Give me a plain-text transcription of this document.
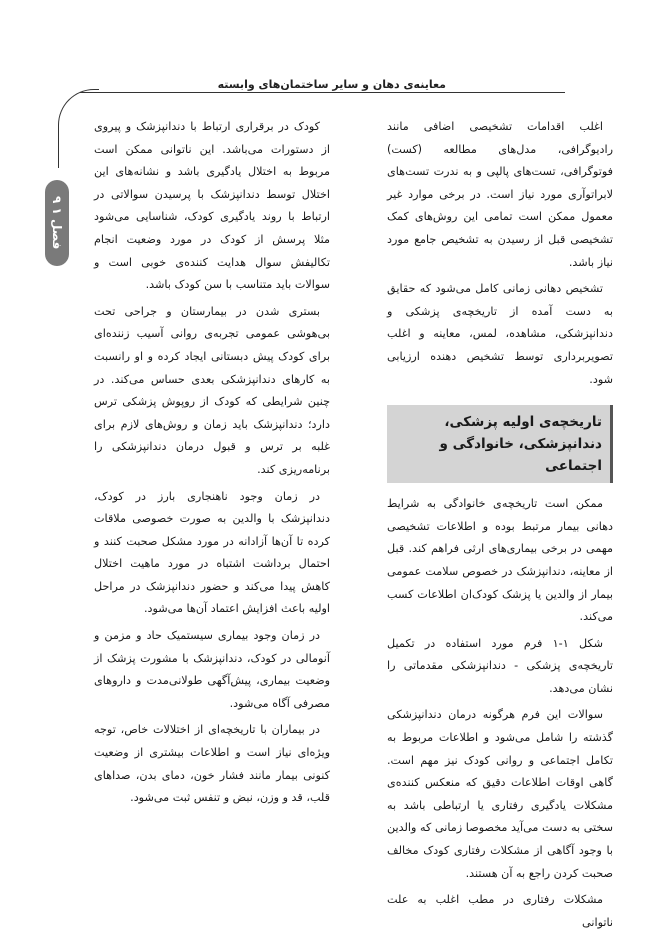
معاینه‌ی دهان و سایر ساختمان‌های وابسته
فصل ۱ ۹

اغلب اقدامات تشخیصی اضافی مانند رادیوگرافی، مدل‌های مطالعه (کست) فوتوگرافی، تست‌های پالپی و به ندرت تست‌های لابراتوآری مورد نیاز است. در برخی موارد غیر معمول ممکن است تمامی این روش‌های کمک تشخیصی قبل از رسیدن به تشخیص جامع مورد نیاز باشد.

تشخیص دهانی زمانی کامل می‌شود که حقایق به دست آمده از تاریخچه‌ی پزشکی و دندانپزشکی، مشاهده، لمس، معاینه و اغلب تصویربرداری توسط تشخیص دهنده ارزیابی شود.

تاریخچه‌ی اولیه پزشکی، دندانپزشکی، خانوادگی و اجتماعی

ممکن است تاریخچه‌ی خانوادگی به شرایط دهانی بیمار مرتبط بوده و اطلاعات تشخیصی مهمی در برخی بیماری‌های ارثی فراهم کند. قبل از معاینه، دندانپزشک در خصوص سلامت عمومی بیمار از والدین یا پزشک کودک‌ان اطلاعات کسب می‌کند.

شکل ۱-۱ فرم مورد استفاده در تکمیل تاریخچه‌ی پزشکی - دندانپزشکی مقدماتی را نشان می‌دهد.

سوالات این فرم هرگونه درمان دندانپزشکی گذشته را شامل می‌شود و اطلاعات مربوط به تکامل اجتماعی و روانی کودک نیز مهم است. گاهی اوقات اطلاعات دقیق که منعکس کننده‌ی مشکلات یادگیری رفتاری یا ارتباطی باشد به سختی به دست می‌آید مخصوصا زمانی که والدین با وجود آگاهی از مشکلات رفتاری کودک مخالف صحبت کردن راجع به آن هستند.

مشکلات رفتاری در مطب اغلب به علت ناتوانی

کودک در برقراری ارتباط با دندانپزشک و پیروی از دستورات می‌باشد. این ناتوانی ممکن است مربوط به اختلال یادگیری باشد و نشانه‌های این اختلال توسط دندانپزشک با پرسیدن سوالاتی در ارتباط با روند یادگیری کودک، شناسایی می‌شود مثلا پرسش از کودک در مورد وضعیت انجام تکالیفش سوال هدایت کننده‌ی خوبی است و سوالات باید متناسب با سن کودک باشد.

بستری شدن در بیمارستان و جراحی تحت بی‌هوشی عمومی تجربه‌ی روانی آسیب زننده‌ای برای کودک پیش دبستانی ایجاد کرده و او رانسبت به کارهای دندانپزشکی بعدی حساس می‌کند. در چنین شرایطی که کودک از روپوش پزشکی ترس دارد؛ دندانپزشک باید زمان و روش‌های لازم برای غلبه بر ترس و قبول درمان دندانپزشکی را برنامه‌ریزی کند.

در زمان وجود ناهنجاری بارز در کودک، دندانپزشک با والدین به صورت خصوصی ملاقات کرده تا آن‌ها آزادانه در مورد مشکل صحبت کنند و احتمال برداشت اشتباه در مورد ماهیت اختلال کاهش پیدا می‌کند و حضور دندانپزشک در مراحل اولیه باعث افزایش اعتماد آن‌ها می‌شود.

در زمان وجود بیماری سیستمیک حاد و مزمن و آنومالی در کودک، دندانپزشک با مشورت پزشک از وضعیت بیماری، پیش‌آگهی طولانی‌مدت و داروهای مصرفی آگاه می‌شود.

در بیماران با تاریخچه‌ای از اختلالات خاص، توجه ویژه‌ای نیاز است و اطلاعات بیشتری از وضعیت کنونی بیمار مانند فشار خون، دمای بدن، صداهای قلب، قد و وزن، نبض و تنفس ثبت می‌شود.
